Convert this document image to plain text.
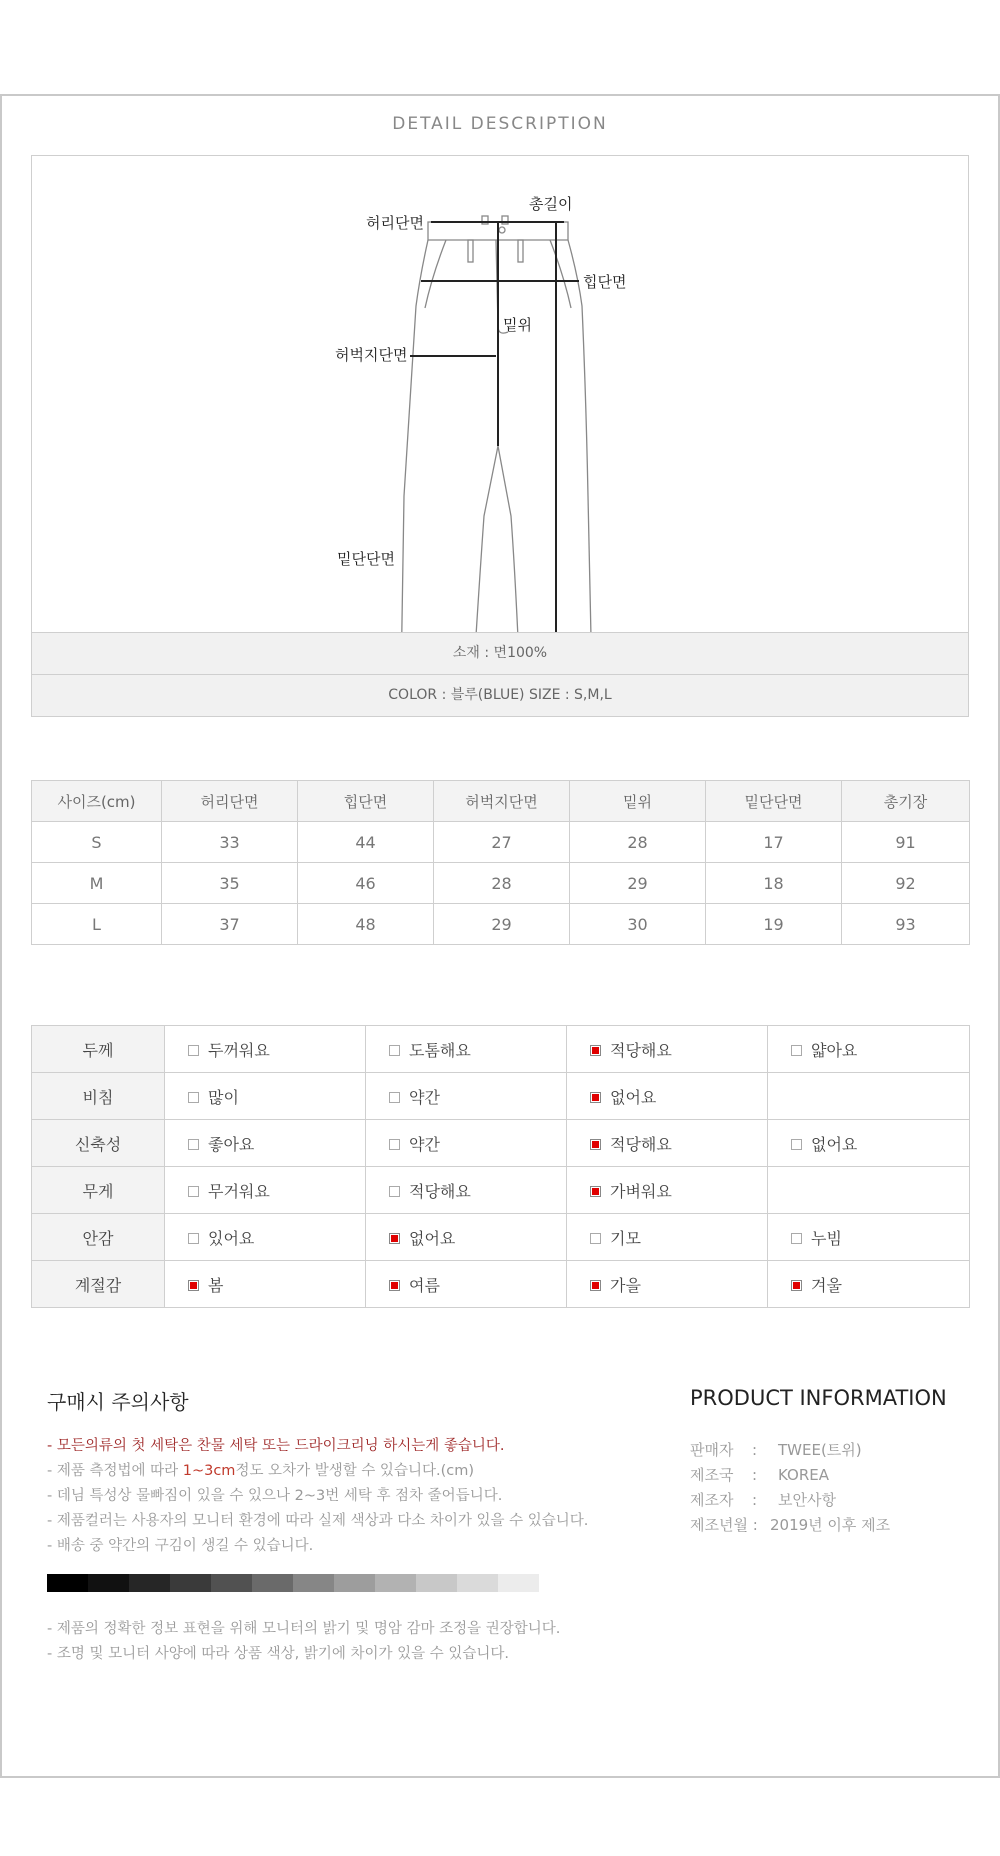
DETAIL DESCRIPTION
허리단면
총길이
힙단면
밑위
허벅지단면
밑단단면
소재 : 면100%
COLOR : 블루(BLUE) SIZE : S,M,L
사이즈(cm)	허리단면	힙단면	허벅지단면	밑위	밑단단면	총기장
S	33	44	27	28	17	91
M	35	46	28	29	18	92
L	37	48	29	30	19	93
두께	두꺼워요	도톰해요	적당해요	얇아요
비침	많이	약간	없어요	
신축성	좋아요	약간	적당해요	없어요
무게	무거워요	적당해요	가벼워요	
안감	있어요	없어요	기모	누빔
계절감	봄	여름	가을	겨울
구매시 주의사항
- 모든의류의 첫 세탁은 찬물 세탁 또는 드라이크리닝 하시는게 좋습니다.
- 제품 측정법에 따라 1~3cm정도 오차가 발생할 수 있습니다.(cm)
- 데님 특성상 물빠짐이 있을 수 있으나 2~3번 세탁 후 점차 줄어듭니다.
- 제품컬러는 사용자의 모니터 환경에 따라 실제 색상과 다소 차이가 있을 수 있습니다.
- 배송 중 약간의 구김이 생길 수 있습니다.
- 제품의 정확한 정보 표현을 위해 모니터의 밝기 및 명암 감마 조정을 권장합니다.
- 조명 및 모니터 사양에 따라 상품 색상, 밝기에 차이가 있을 수 있습니다.
PRODUCT INFORMATION
판매자 : TWEE(트위)
제조국 : KOREA
제조자 : 보안사항
제조년월 : 2019년 이후 제조
